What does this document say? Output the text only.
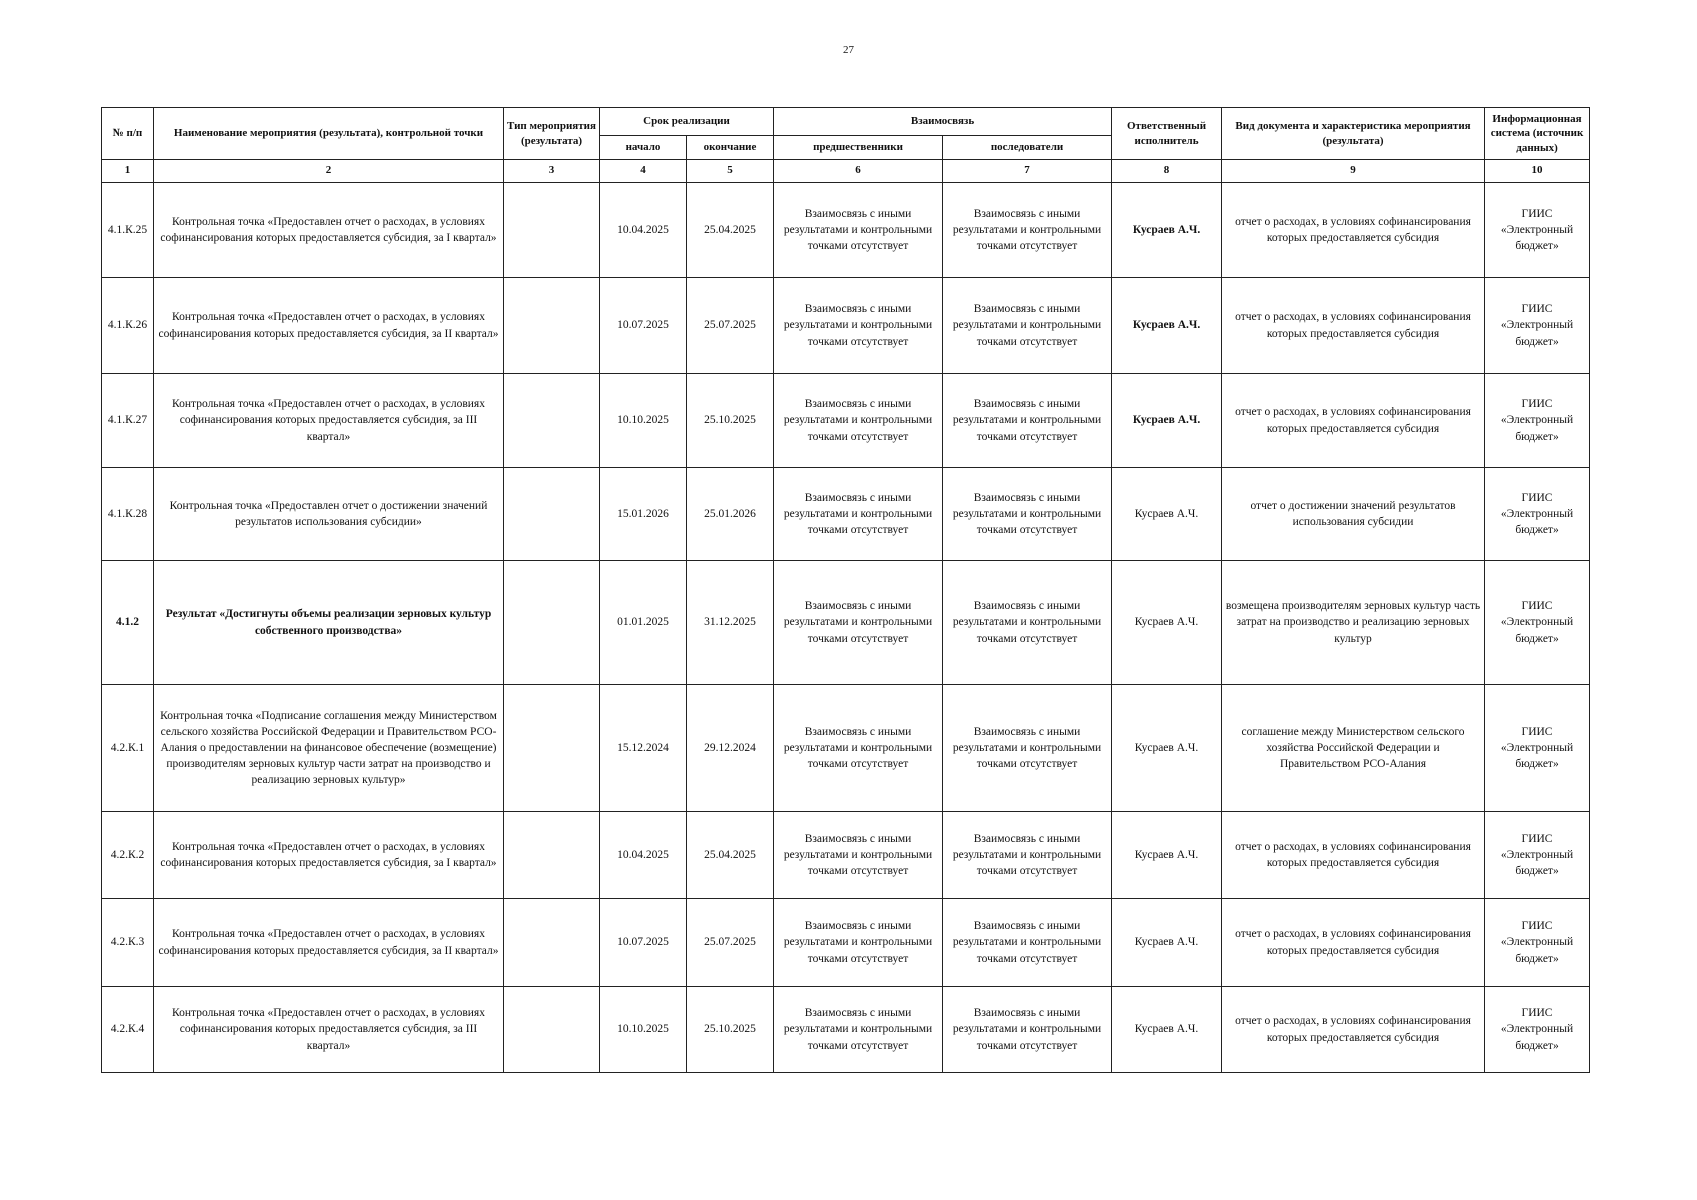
27
№ п/п	Наименование мероприятия (результата), контрольной точки	Тип мероприятия (результата)	Срок реализации		Взаимосвязь		Ответственный исполнитель	Вид документа и характеристика мероприятия (результата)	Информационная система (источник данных)
			начало	окончание	предшественники	последователи			
1	2	3	4	5	6	7	8	9	10
4.1.К.25	Контрольная точка «Предоставлен отчет о расходах, в условиях софинансирования которых предоставляется субсидия, за I квартал»		10.04.2025	25.04.2025	Взаимосвязь с иными результатами и контрольными точками отсутствует	Взаимосвязь с иными результатами и контрольными точками отсутствует	Кусраев А.Ч.	отчет о расходах, в условиях софинансирования которых предоставляется субсидия	ГИИС «Электронный бюджет»
4.1.К.26	Контрольная точка «Предоставлен отчет о расходах, в условиях софинансирования которых предоставляется субсидия, за II квартал»		10.07.2025	25.07.2025	Взаимосвязь с иными результатами и контрольными точками отсутствует	Взаимосвязь с иными результатами и контрольными точками отсутствует	Кусраев А.Ч.	отчет о расходах, в условиях софинансирования которых предоставляется субсидия	ГИИС «Электронный бюджет»
4.1.К.27	Контрольная точка «Предоставлен отчет о расходах, в условиях софинансирования которых предоставляется субсидия, за III квартал»		10.10.2025	25.10.2025	Взаимосвязь с иными результатами и контрольными точками отсутствует	Взаимосвязь с иными результатами и контрольными точками отсутствует	Кусраев А.Ч.	отчет о расходах, в условиях софинансирования которых предоставляется субсидия	ГИИС «Электронный бюджет»
4.1.К.28	Контрольная точка «Предоставлен отчет о достижении значений результатов использования субсидии»		15.01.2026	25.01.2026	Взаимосвязь с иными результатами и контрольными точками отсутствует	Взаимосвязь с иными результатами и контрольными точками отсутствует	Кусраев А.Ч.	отчет о достижении значений результатов использования субсидии	ГИИС «Электронный бюджет»
4.1.2	Результат «Достигнуты объемы реализации зерновых культур собственного производства»		01.01.2025	31.12.2025	Взаимосвязь с иными результатами и контрольными точками отсутствует	Взаимосвязь с иными результатами и контрольными точками отсутствует	Кусраев А.Ч.	возмещена производителям зерновых культур часть затрат на производство и реализацию зерновых культур	ГИИС «Электронный бюджет»
4.2.К.1	Контрольная точка «Подписание соглашения между Министерством сельского хозяйства Российской Федерации и Правительством РСО-Алания о предоставлении на финансовое обеспечение (возмещение) производителям зерновых культур части затрат на производство и реализацию зерновых культур»		15.12.2024	29.12.2024	Взаимосвязь с иными результатами и контрольными точками отсутствует	Взаимосвязь с иными результатами и контрольными точками отсутствует	Кусраев А.Ч.	соглашение между Министерством сельского хозяйства Российской Федерации и Правительством РСО-Алания	ГИИС «Электронный бюджет»
4.2.К.2	Контрольная точка «Предоставлен отчет о расходах, в условиях софинансирования которых предоставляется субсидия, за I квартал»		10.04.2025	25.04.2025	Взаимосвязь с иными результатами и контрольными точками отсутствует	Взаимосвязь с иными результатами и контрольными точками отсутствует	Кусраев А.Ч.	отчет о расходах, в условиях софинансирования которых предоставляется субсидия	ГИИС «Электронный бюджет»
4.2.К.3	Контрольная точка «Предоставлен отчет о расходах, в условиях софинансирования которых предоставляется субсидия, за II квартал»		10.07.2025	25.07.2025	Взаимосвязь с иными результатами и контрольными точками отсутствует	Взаимосвязь с иными результатами и контрольными точками отсутствует	Кусраев А.Ч.	отчет о расходах, в условиях софинансирования которых предоставляется субсидия	ГИИС «Электронный бюджет»
4.2.К.4	Контрольная точка «Предоставлен отчет о расходах, в условиях софинансирования которых предоставляется субсидия, за III квартал»		10.10.2025	25.10.2025	Взаимосвязь с иными результатами и контрольными точками отсутствует	Взаимосвязь с иными результатами и контрольными точками отсутствует	Кусраев А.Ч.	отчет о расходах, в условиях софинансирования которых предоставляется субсидия	ГИИС «Электронный бюджет»
